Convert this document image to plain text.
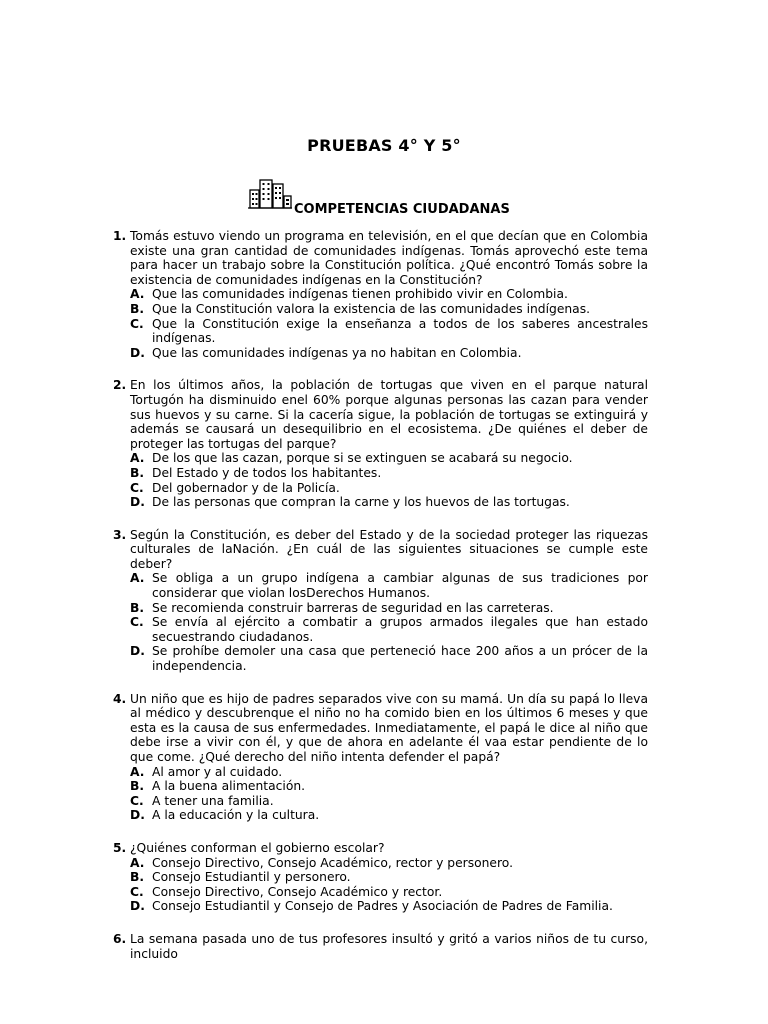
PRUEBAS 4° Y 5°
COMPETENCIAS CIUDADANAS
1. Tomás estuvo viendo un programa en televisión, en el que decían que en Colombia existe una gran cantidad de comunidades indígenas. Tomás aprovechó este tema para hacer un trabajo sobre la Constitución política. ¿Qué encontró Tomás sobre la existencia de comunidades indígenas en la Constitución?
A. Que las comunidades indígenas tienen prohibido vivir en Colombia.
B. Que la Constitución valora la existencia de las comunidades indígenas.
C. Que la Constitución exige la enseñanza a todos de los saberes ancestrales indígenas.
D. Que las comunidades indígenas ya no habitan en Colombia.
2. En los últimos años, la población de tortugas que viven en el parque natural Tortugón ha disminuido enel 60% porque algunas personas las cazan para vender sus huevos y su carne. Si la cacería sigue, la población de tortugas se extinguirá y además se causará un desequilibrio en el ecosistema. ¿De quiénes el deber de proteger las tortugas del parque?
A. De los que las cazan, porque si se extinguen se acabará su negocio.
B. Del Estado y de todos los habitantes.
C. Del gobernador y de la Policía.
D. De las personas que compran la carne y los huevos de las tortugas.
3. Según la Constitución, es deber del Estado y de la sociedad proteger las riquezas culturales de laNación. ¿En cuál de las siguientes situaciones se cumple este deber?
A. Se obliga a un grupo indígena a cambiar algunas de sus tradiciones por considerar que violan losDerechos Humanos.
B. Se recomienda construir barreras de seguridad en las carreteras.
C. Se envía al ejército a combatir a grupos armados ilegales que han estado secuestrando ciudadanos.
D. Se prohíbe demoler una casa que perteneció hace 200 años a un prócer de la independencia.
4. Un niño que es hijo de padres separados vive con su mamá. Un día su papá lo lleva al médico y descubrenque el niño no ha comido bien en los últimos 6 meses y que esta es la causa de sus enfermedades. Inmediatamente, el papá le dice al niño que debe irse a vivir con él, y que de ahora en adelante él vaa estar pendiente de lo que come. ¿Qué derecho del niño intenta defender el papá?
A. Al amor y al cuidado.
B. A la buena alimentación.
C. A tener una familia.
D. A la educación y la cultura.
5. ¿Quiénes conforman el gobierno escolar?
A. Consejo Directivo, Consejo Académico, rector y personero.
B. Consejo Estudiantil y personero.
C. Consejo Directivo, Consejo Académico y rector.
D. Consejo Estudiantil y Consejo de Padres y Asociación de Padres de Familia.
6. La semana pasada uno de tus profesores insultó y gritó a varios niños de tu curso, incluido
